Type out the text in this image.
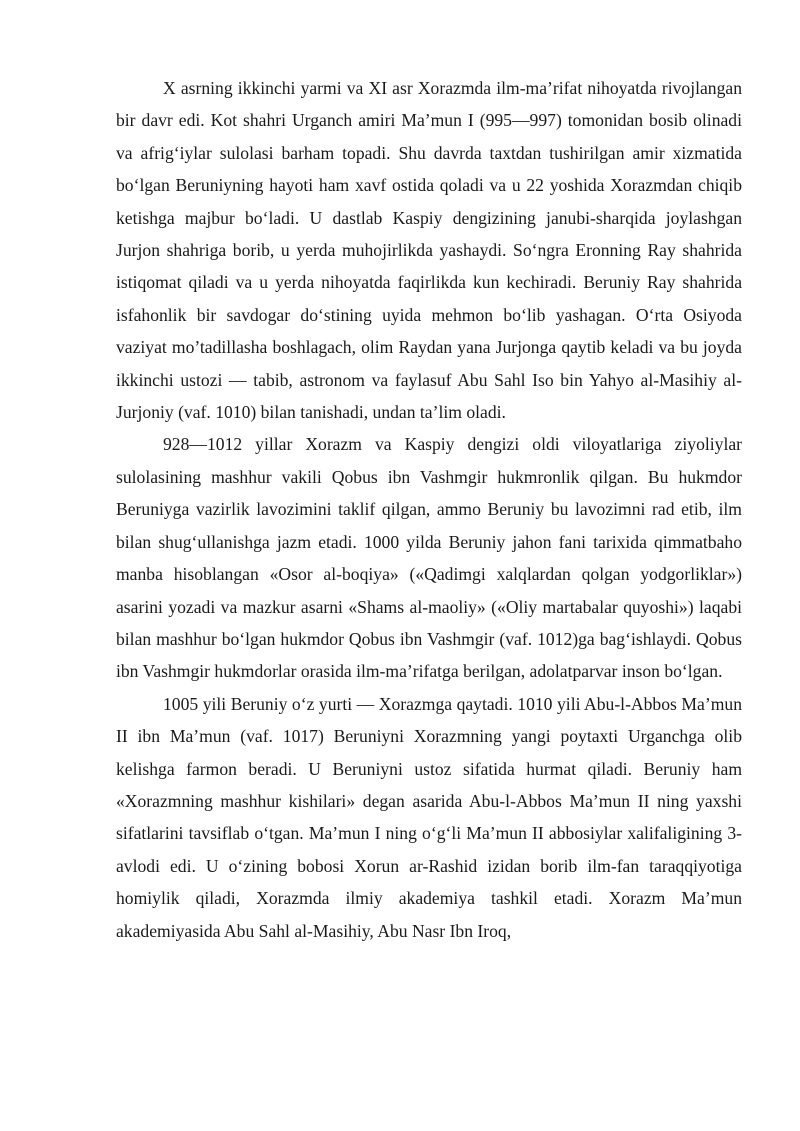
X asrning ikkinchi yarmi va XI asr Xorazmda ilm-ma’rifat nihoyatda rivojlangan bir davr edi. Kot shahri Urganch amiri Ma’mun I (995—997) tomonidan bosib olinadi va afrig‘iylar sulolasi barham topadi. Shu davrda taxtdan tushirilgan amir xizmatida bo‘lgan Beruniyning hayoti ham xavf ostida qoladi va u 22 yoshida Xorazmdan chiqib ketishga majbur bo‘ladi. U dastlab Kaspiy dengizining janubi-sharqida joylashgan Jurjon shahriga borib, u yerda muhojirlikda yashaydi. So‘ngra Eronning Ray shahrida istiqomat qiladi va u yerda nihoyatda faqirlikda kun kechiradi. Beruniy Ray shahrida isfahonlik bir savdogar do‘stining uyida mehmon bo‘lib yashagan. O‘rta Osiyoda vaziyat mo’tadillasha boshlagach, olim Raydan yana Jurjonga qaytib keladi va bu joyda ikkinchi ustozi — tabib, astronom va faylasuf Abu Sahl Iso bin Yahyo al-Masihiy al-Jurjoniy (vaf. 1010) bilan tanishadi, undan ta’lim oladi.

928—1012 yillar Xorazm va Kaspiy dengizi oldi viloyatlariga ziyoliylar sulolasining mashhur vakili Qobus ibn Vashmgir hukmronlik qilgan. Bu hukmdor Beruniyga vazirlik lavozimini taklif qilgan, ammo Beruniy bu lavozimni rad etib, ilm bilan shug‘ullanishga jazm etadi. 1000 yilda Beruniy jahon fani tarixida qimmatbaho manba hisoblangan «Osor al-boqiya» («Qadimgi xalqlardan qolgan yodgorliklar») asarini yozadi va mazkur asarni «Shams al-maoliy» («Oliy martabalar quyoshi») laqabi bilan mashhur bo‘lgan hukmdor Qobus ibn Vashmgir (vaf. 1012)ga bag‘ishlaydi. Qobus ibn Vashmgir hukmdorlar orasida ilm-ma’rifatga berilgan, adolatparvar inson bo‘lgan.

1005 yili Beruniy o‘z yurti — Xorazmga qaytadi. 1010 yili Abu-l-Abbos Ma’mun II ibn Ma’mun (vaf. 1017) Beruniyni Xorazmning yangi poytaxti Urganchga olib kelishga farmon beradi. U Beruniyni ustoz sifatida hurmat qiladi. Beruniy ham «Xorazmning mashhur kishilari» degan asarida Abu-l-Abbos Ma’mun II ning yaxshi sifatlarini tavsiflab o‘tgan. Ma’mun I ning o‘g‘li Ma’mun II abbosiylar xalifaligining 3-avlodi edi. U o‘zining bobosi Xorun ar-Rashid izidan borib ilm-fan taraqqiyotiga homiylik qiladi, Xorazmda ilmiy akademiya tashkil etadi. Xorazm Ma’mun akademiyasida Abu Sahl al-Masihiy, Abu Nasr Ibn Iroq,
